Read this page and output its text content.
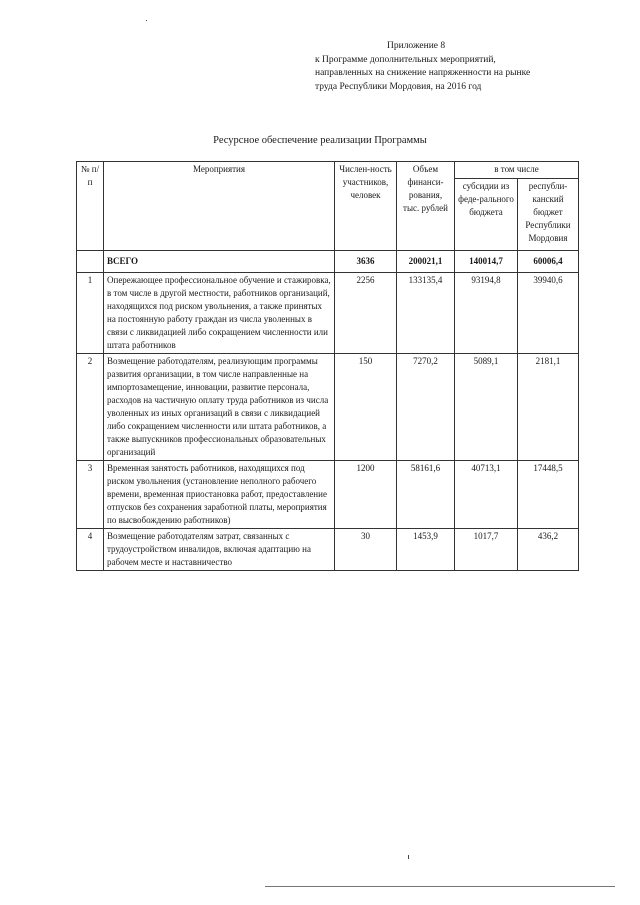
Приложение 8
к Программе дополнительных мероприятий,
направленных на снижение напряженности на рынке
труда Республики Мордовия, на 2016 год
Ресурсное обеспечение реализации Программы
№ п/п	Мероприятия	Числен-ность участников, человек	Объем финанси-рования, тыс. рублей	в том числе	
				субсидии из феде-рального бюджета	республи-канский бюджет Республики Мордовия
	ВСЕГО	3636	200021,1	140014,7	60006,4
1	Опережающее профессиональное обучение и стажировка, в том числе в другой местности, работников организаций, находящихся под риском увольнения, а также принятых на постоянную работу граждан из числа уволенных в связи с ликвидацией либо сокращением численности или штата работников	2256	133135,4	93194,8	39940,6
2	Возмещение работодателям, реализующим программы развития организации, в том числе направленные на импортозамещение, инновации, развитие персонала, расходов на частичную оплату труда работников из числа уволенных из иных организаций в связи с ликвидацией либо сокращением численности или штата работников, а также выпускников профессиональных образовательных организаций	150	7270,2	5089,1	2181,1
3	Временная занятость работников, находящихся под риском увольнения (установление неполного рабочего времени, временная приостановка работ, предоставление отпусков без сохранения заработной платы, мероприятия по высвобождению работников)	1200	58161,6	40713,1	17448,5
4	Возмещение работодателям затрат, связанных с трудоустройством инвалидов, включая адаптацию на рабочем месте и наставничество	30	1453,9	1017,7	436,2
